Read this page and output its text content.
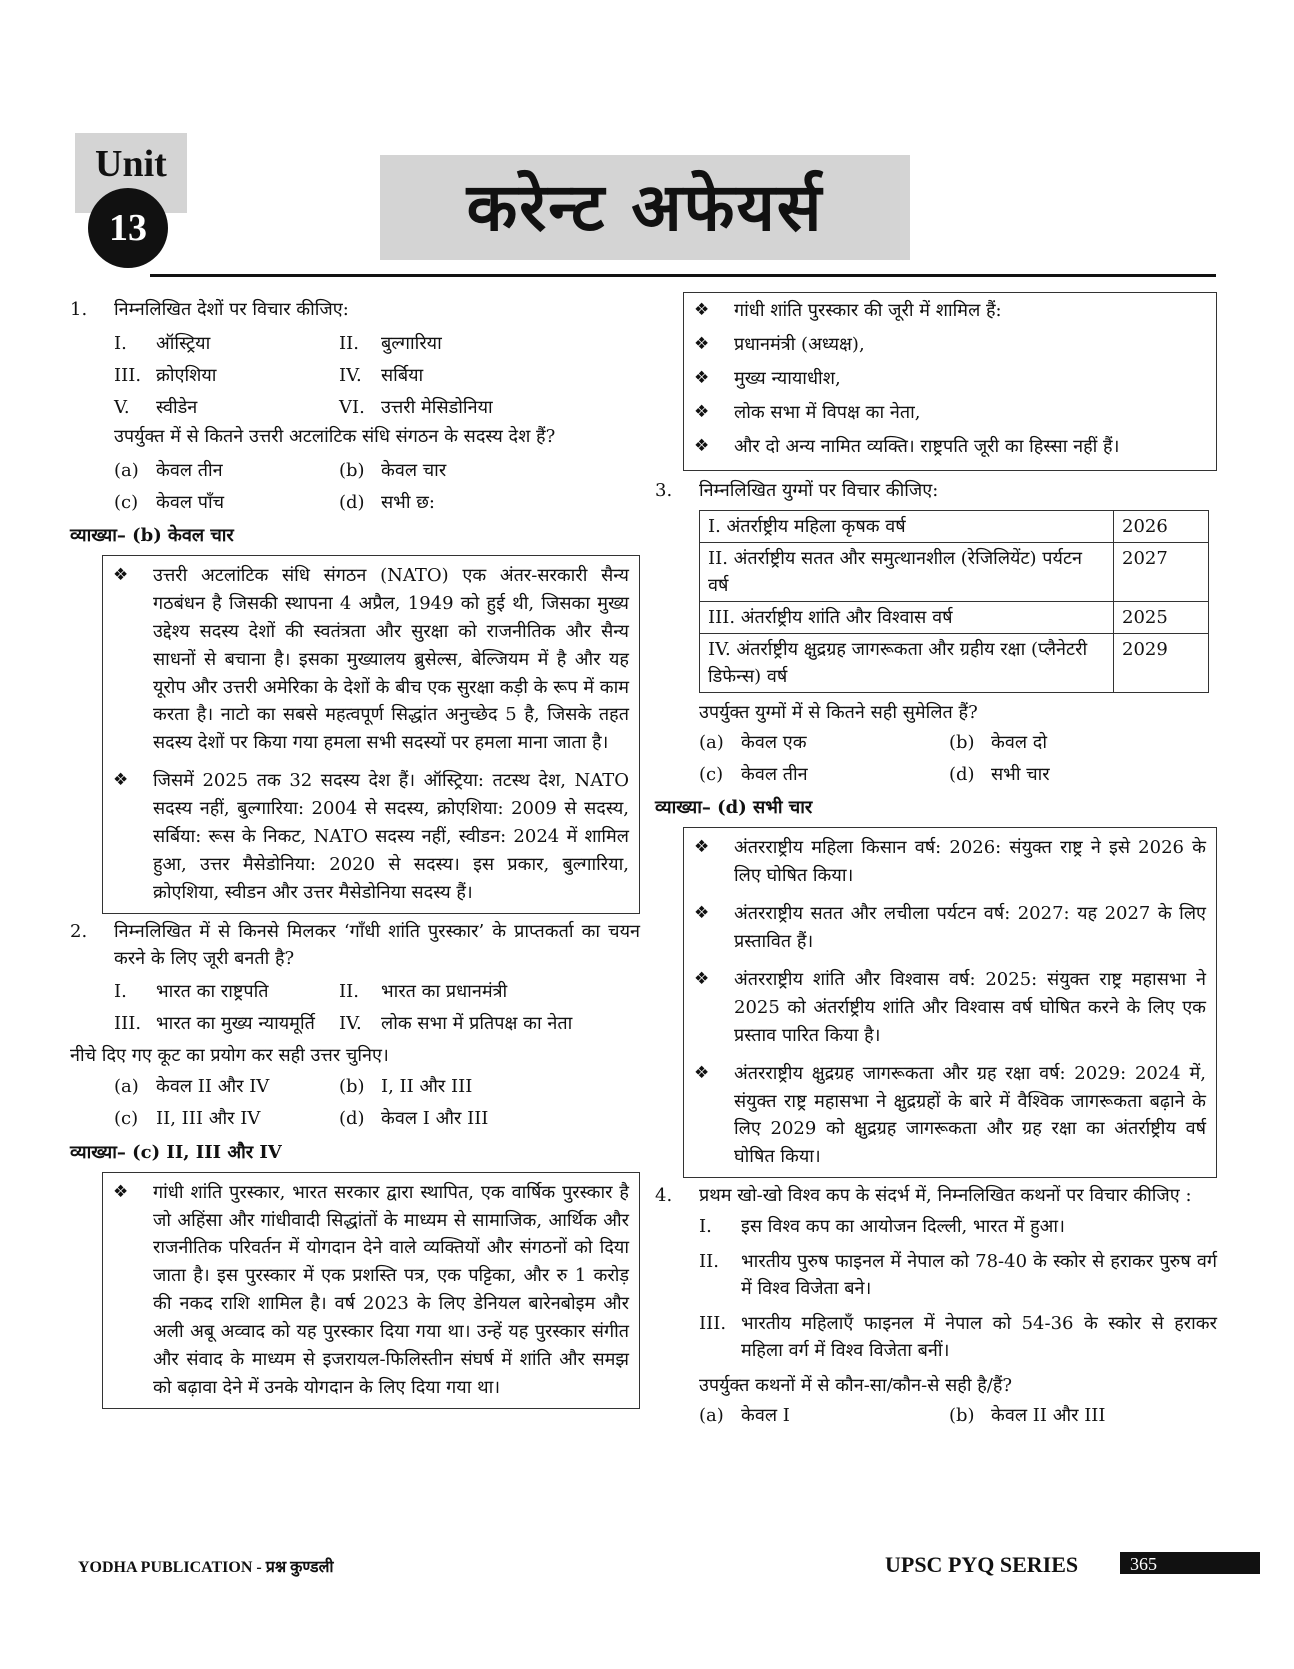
Unit
13	करेन्ट अफेयर्स
1.	निम्नलिखित देशों पर विचार कीजिए:
I.	ऑस्ट्रिया	II.	बुल्गारिया
III. क्रोएशिया	IV.	सर्बिया
V.	स्वीडेन	VI. उत्तरी मेसिडोनिया
उपर्युक्त में से कितने उत्तरी अटलांटिक संधि संगठन के सदस्य देश हैं?
(a) केवल तीन	(b) केवल चार
(c) केवल पाँच	(d) सभी छ:
व्याख्या– (b) केवल चार
❖	उत्तरी अटलांटिक संधि संगठन (NATO) एक अंतर-सरकारी सैन्य गठबंधन है जिसकी स्थापना 4 अप्रैल, 1949 को हुई थी, जिसका मुख्य उद्देश्य सदस्य देशों की स्वतंत्रता और सुरक्षा को राजनीतिक और सैन्य साधनों से बचाना है। इसका मुख्यालय ब्रुसेल्स, बेल्जियम में है और यह यूरोप और उत्तरी अमेरिका के देशों के बीच एक सुरक्षा कड़ी के रूप में काम करता है। नाटो का सबसे महत्वपूर्ण सिद्धांत अनुच्छेद 5 है, जिसके तहत सदस्य देशों पर किया गया हमला सभी सदस्यों पर हमला माना जाता है।
❖	जिसमें 2025 तक 32 सदस्य देश हैं। ऑस्ट्रिया: तटस्थ देश, NATO सदस्य नहीं, बुल्गारिया: 2004 से सदस्य, क्रोएशिया: 2009 से सदस्य, सर्बिया: रूस के निकट, NATO सदस्य नहीं, स्वीडन: 2024 में शामिल हुआ, उत्तर मैसेडोनिया: 2020 से सदस्य। इस प्रकार, बुल्गारिया, क्रोएशिया, स्वीडन और उत्तर मैसेडोनिया सदस्य हैं।
2.	निम्नलिखित में से किनसे मिलकर ‘गाँधी शांति पुरस्कार’ के प्राप्तकर्ता का चयन करने के लिए जूरी बनती है?
I.	भारत का राष्ट्रपति	II.	भारत का प्रधानमंत्री
III. भारत का मुख्य न्यायमूर्ति IV.	लोक सभा में प्रतिपक्ष का नेता
नीचे दिए गए कूट का प्रयोग कर सही उत्तर चुनिए।
(a) केवल II और IV	(b) I, II और III
(c) II, III और IV	(d) केवल I और III
व्याख्या– (c) II, III और IV
❖	गांधी शांति पुरस्कार, भारत सरकार द्वारा स्थापित, एक वार्षिक पुरस्कार है जो अहिंसा और गांधीवादी सिद्धांतों के माध्यम से सामाजिक, आर्थिक और राजनीतिक परिवर्तन में योगदान देने वाले व्यक्तियों और संगठनों को दिया जाता है। इस पुरस्कार में एक प्रशस्ति पत्र, एक पट्टिका, और रु 1 करोड़ की नकद राशि शामिल है। वर्ष 2023 के लिए डेनियल बारेनबोइम और अली अबू अव्वाद को यह पुरस्कार दिया गया था। उन्हें यह पुरस्कार संगीत और संवाद के माध्यम से इजरायल-फिलिस्तीन संघर्ष में शांति और समझ को बढ़ावा देने में उनके योगदान के लिए दिया गया था।
❖	गांधी शांति पुरस्कार की जूरी में शामिल हैं:
❖	प्रधानमंत्री (अध्यक्ष),
❖	मुख्य न्यायाधीश,
❖	लोक सभा में विपक्ष का नेता,
❖	और दो अन्य नामित व्यक्ति। राष्ट्रपति जूरी का हिस्सा नहीं हैं।
3.	निम्नलिखित युग्मों पर विचार कीजिए:
I. अंतर्राष्ट्रीय महिला कृषक वर्ष	2026
II. अंतर्राष्ट्रीय सतत और समुत्थानशील (रेजिलियेंट) पर्यटन वर्ष	2027
III. अंतर्राष्ट्रीय शांति और विश्वास वर्ष	2025
IV. अंतर्राष्ट्रीय क्षुद्रग्रह जागरूकता और ग्रहीय रक्षा (प्लैनेटरी डिफेन्स) वर्ष	2029
उपर्युक्त युग्मों में से कितने सही सुमेलित हैं?
(a) केवल एक	(b) केवल दो
(c) केवल तीन	(d) सभी चार
व्याख्या– (d) सभी चार
❖	अंतरराष्ट्रीय महिला किसान वर्ष: 2026: संयुक्त राष्ट्र ने इसे 2026 के लिए घोषित किया।
❖	अंतरराष्ट्रीय सतत और लचीला पर्यटन वर्ष: 2027: यह 2027 के लिए प्रस्तावित हैं।
❖	अंतरराष्ट्रीय शांति और विश्वास वर्ष: 2025: संयुक्त राष्ट्र महासभा ने 2025 को अंतर्राष्ट्रीय शांति और विश्वास वर्ष घोषित करने के लिए एक प्रस्ताव पारित किया है।
❖	अंतरराष्ट्रीय क्षुद्रग्रह जागरूकता और ग्रह रक्षा वर्ष: 2029: 2024 में, संयुक्त राष्ट्र महासभा ने क्षुद्रग्रहों के बारे में वैश्विक जागरूकता बढ़ाने के लिए 2029 को क्षुद्रग्रह जागरूकता और ग्रह रक्षा का अंतर्राष्ट्रीय वर्ष घोषित किया।
4.	प्रथम खो-खो विश्व कप के संदर्भ में, निम्नलिखित कथनों पर विचार कीजिए :
I.	इस विश्व कप का आयोजन दिल्ली, भारत में हुआ।
II.	भारतीय पुरुष फाइनल में नेपाल को 78-40 के स्कोर से हराकर पुरुष वर्ग में विश्व विजेता बने।
III. भारतीय महिलाएँ फाइनल में नेपाल को 54-36 के स्कोर से हराकर महिला वर्ग में विश्व विजेता बनीं।
उपर्युक्त कथनों में से कौन-सा/कौन-से सही है/हैं?
(a) केवल I	(b) केवल II और III
YODHA PUBLICATION - प्रश्न कुण्डली	UPSC PYQ SERIES	365
